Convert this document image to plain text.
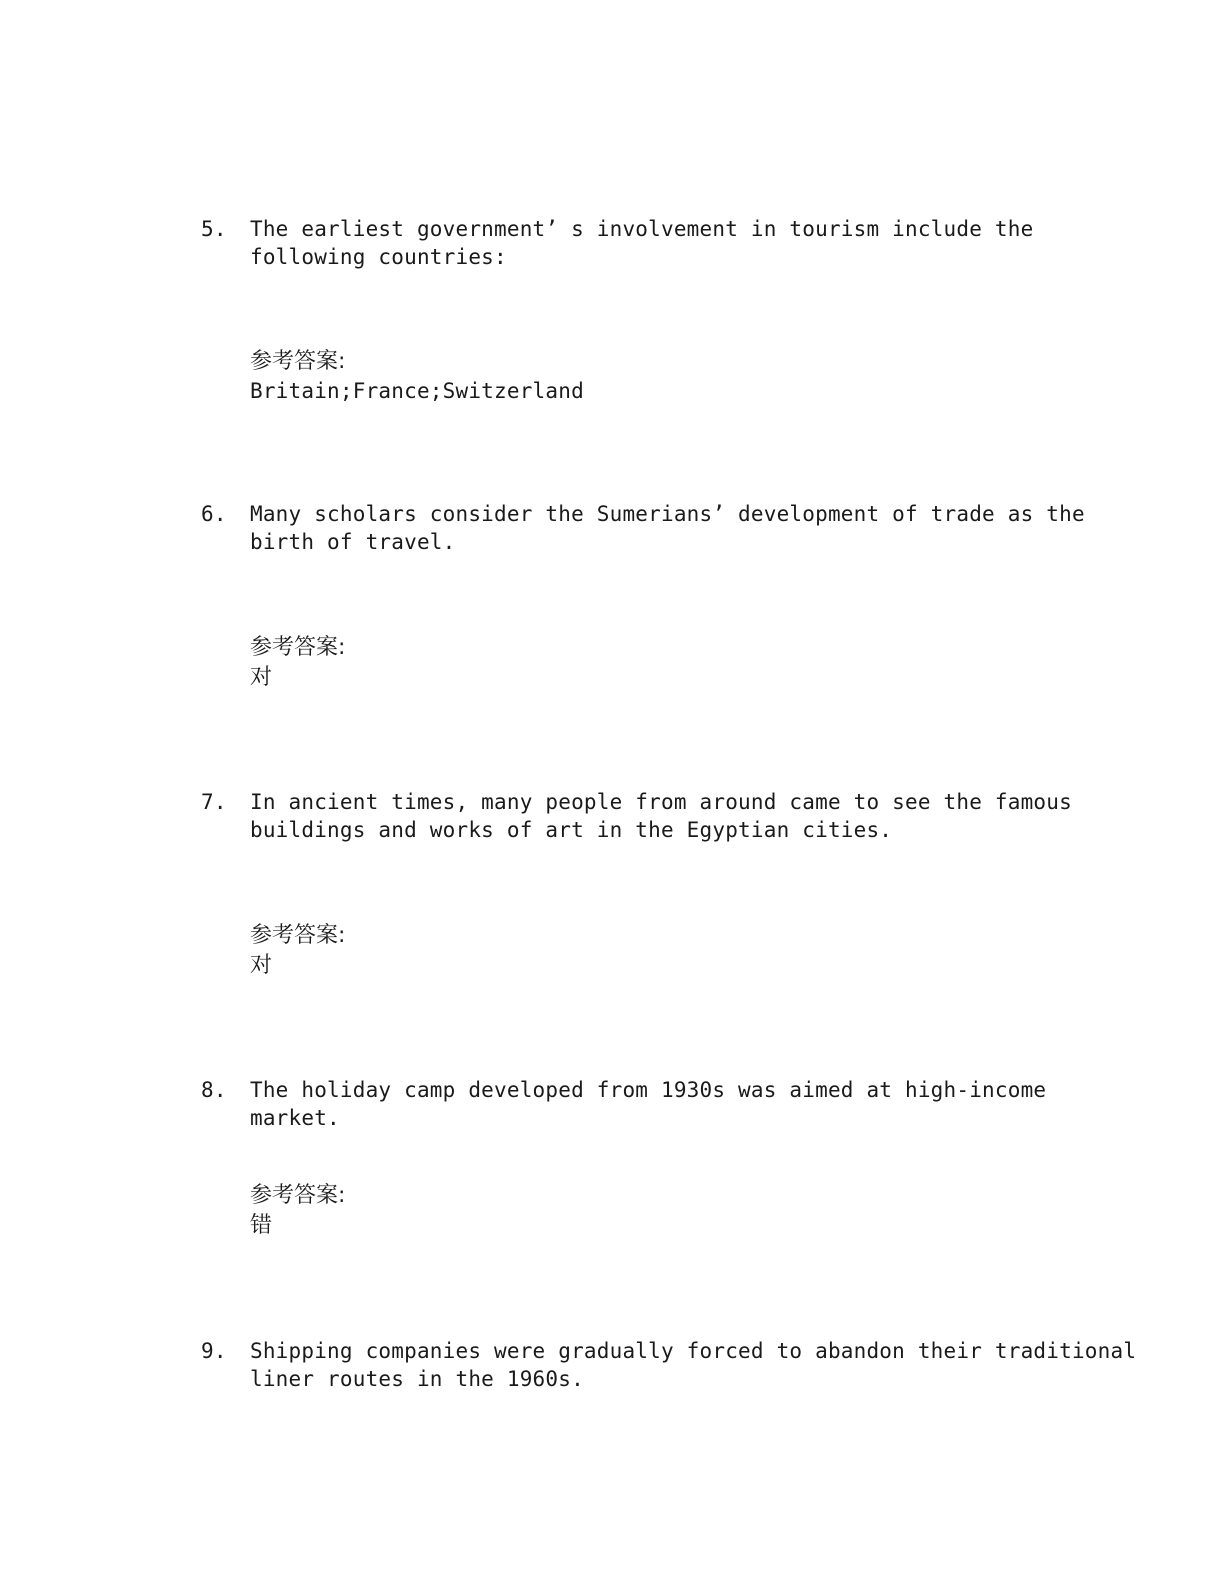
5. The earliest government’ s involvement in tourism include the following countries:
参考答案:
Britain;France;Switzerland
6. Many scholars consider the Sumerians’ development of trade as the birth of travel.
参考答案:
对
7. In ancient times, many people from around came to see the famous buildings and works of art in the Egyptian cities.
参考答案:
对
8. The holiday camp developed from 1930s was aimed at high-income market.
参考答案:
错
9. Shipping companies were gradually forced to abandon their traditional liner routes in the 1960s.
